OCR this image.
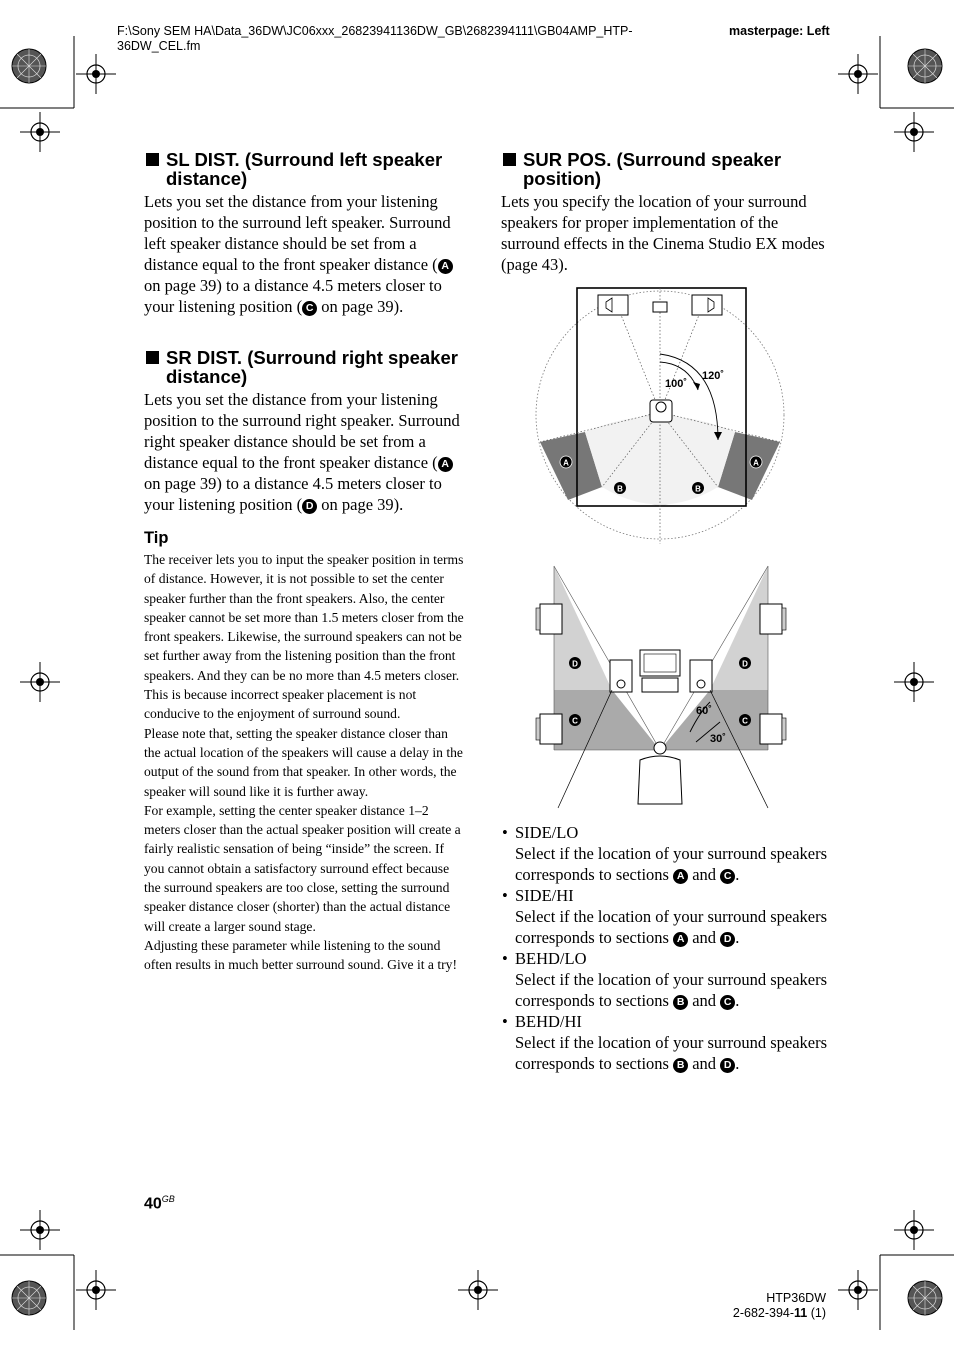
F:\Sony SEM HA\Data_36DW\JC06xxx_26823941136DW_GB\2682394111\GB04AMP_HTP-36DW_CEL.fm
masterpage: Left
SL DIST. (Surround left speaker distance)

Lets you set the distance from your listening position to the surround left speaker. Surround left speaker distance should be set from a distance equal to the front speaker distance ( A on page 39) to a distance 4.5 meters closer to your listening position ( C on page 39).

SR DIST. (Surround right speaker distance)

Lets you set the distance from your listening position to the surround right speaker. Surround right speaker distance should be set from a distance equal to the front speaker distance ( A on page 39) to a distance 4.5 meters closer to your listening position ( D on page 39).

Tip

The receiver lets you to input the speaker position in terms of distance. However, it is not possible to set the center speaker further than the front speakers. Also, the center speaker cannot be set more than 1.5 meters closer from the front speakers. Likewise, the surround speakers can not be set further away from the listening position than the front speakers. And they can be no more than 4.5 meters closer. This is because incorrect speaker placement is not conducive to the enjoyment of surround sound.

Please note that, setting the speaker distance closer than the actual location of the speakers will cause a delay in the output of the sound from that speaker. In other words, the speaker will sound like it is further away.

For example, setting the center speaker distance 1–2 meters closer than the actual speaker position will create a fairly realistic sensation of being “inside” the screen. If you cannot obtain a satisfactory surround effect because the surround speakers are too close, setting the surround speaker distance closer (shorter) than the actual distance will create a larger sound stage.

Adjusting these parameter while listening to the sound often results in much better surround sound. Give it a try!

SUR POS. (Surround speaker position)

Lets you specify the location of your surround speakers for proper implementation of the surround effects in the Cinema Studio EX modes (page 43).

100˚
120˚
A	A
B	B
60˚
30˚
D	D
C	C
• SIDE/LO
Select if the location of your surround speakers corresponds to sections A and C .
• SIDE/HI
Select if the location of your surround speakers corresponds to sections A and D .
• BEHD/LO
Select if the location of your surround speakers corresponds to sections B and C .
• BEHD/HI
Select if the location of your surround speakers corresponds to sections B and D .
$40^{GB}$
HTP36DW
2-682-394-11 (1)
